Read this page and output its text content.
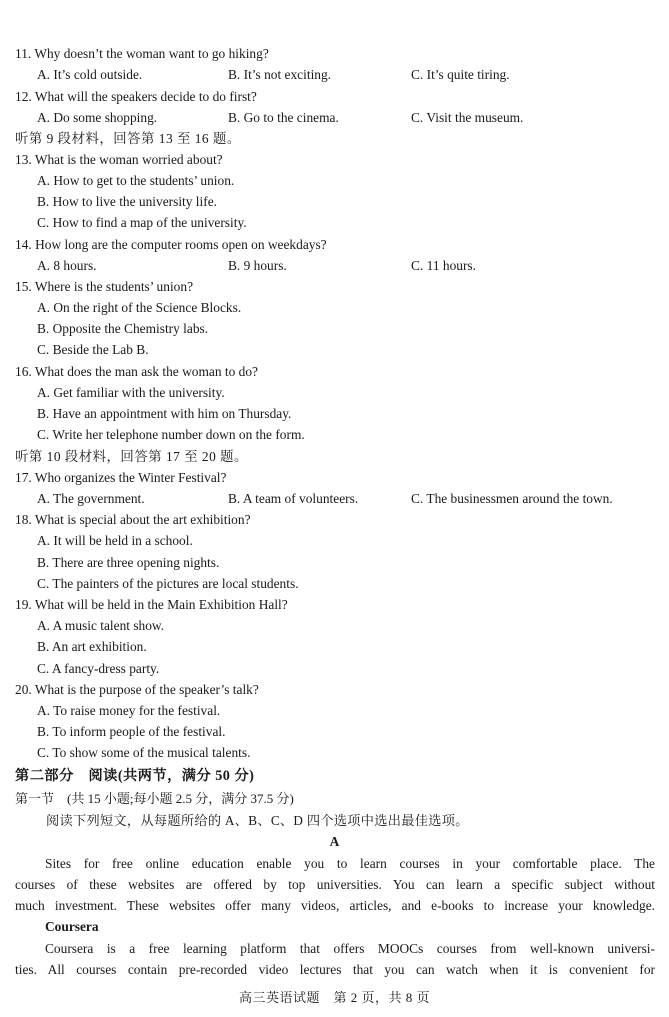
11. Why doesn’t the woman want to go hiking?
A. It’s cold outside.	B. It’s not exciting.	C. It’s quite tiring.
12. What will the speakers decide to do first?
A. Do some shopping.	B. Go to the cinema.	C. Visit the museum.
听第 9 段材料，回答第 13 至 16 题。
13. What is the woman worried about?
A. How to get to the students’ union.
B. How to live the university life.
C. How to find a map of the university.
14. How long are the computer rooms open on weekdays?
A. 8 hours.	B. 9 hours.	C. 11 hours.
15. Where is the students’ union?
A. On the right of the Science Blocks.
B. Opposite the Chemistry labs.
C. Beside the Lab B.
16. What does the man ask the woman to do?
A. Get familiar with the university.
B. Have an appointment with him on Thursday.
C. Write her telephone number down on the form.
听第 10 段材料，回答第 17 至 20 题。
17. Who organizes the Winter Festival?
A. The government.	B. A team of volunteers.	C. The businessmen around the town.
18. What is special about the art exhibition?
A. It will be held in a school.
B. There are three opening nights.
C. The painters of the pictures are local students.
19. What will be held in the Main Exhibition Hall?
A. A music talent show.
B. An art exhibition.
C. A fancy-dress party.
20. What is the purpose of the speaker’s talk?
A. To raise money for the festival.
B. To inform people of the festival.
C. To show some of the musical talents.
第二部分　阅读(共两节，满分 50 分)
第一节　(共 15 小题;每小题 2.5 分，满分 37.5 分)
阅读下列短文，从每题所给的 A、B、C、D 四个选项中选出最佳选项。
A
Sites for free online education enable you to learn courses in your comfortable place. The
courses of these websites are offered by top universities. You can learn a specific subject without
much investment. These websites offer many videos, articles, and e-books to increase your knowledge.
Coursera
Coursera is a free learning platform that offers MOOCs courses from well-known universi-
ties. All courses contain pre-recorded video lectures that you can watch when it is convenient for
高三英语试题　第 2 页，共 8 页
